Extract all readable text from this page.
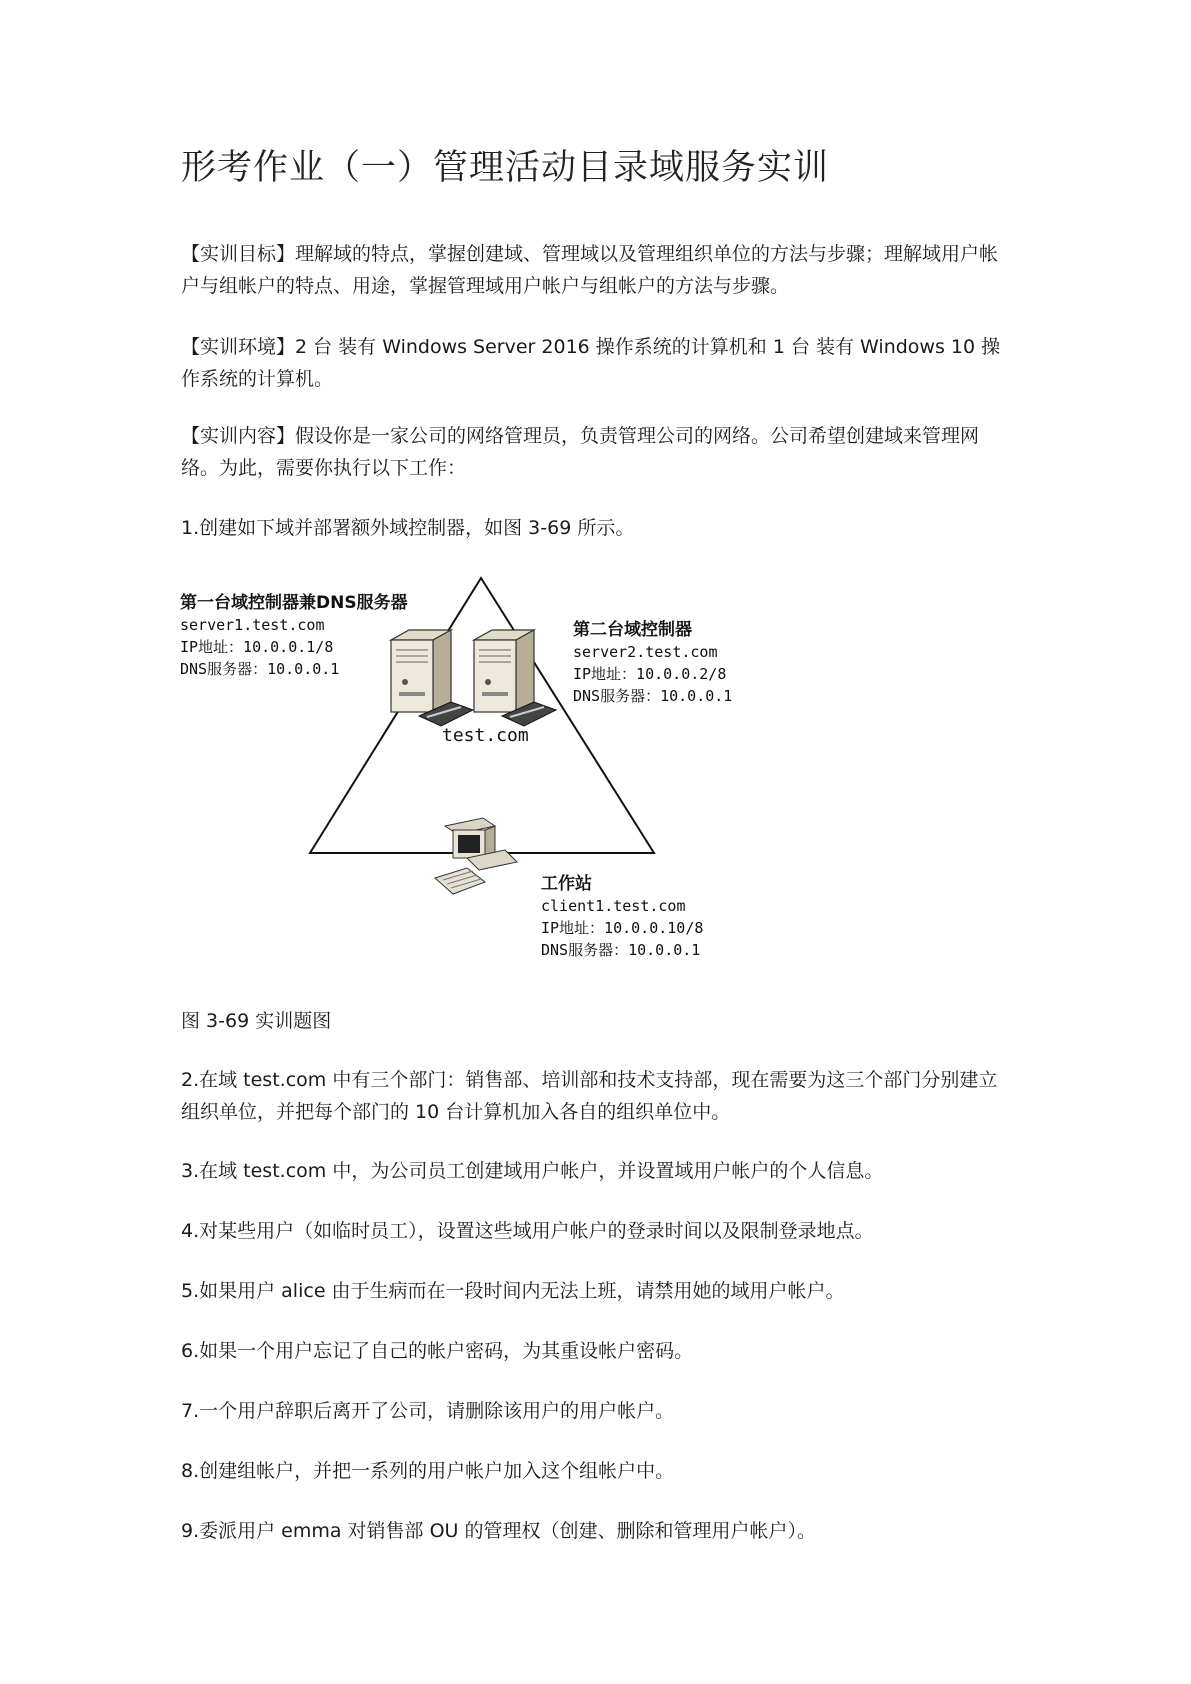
形考作业（一）管理活动目录域服务实训
【实训目标】理解域的特点，掌握创建域、管理域以及管理组织单位的方法与步骤；理解域用户帐户与组帐户的特点、用途，掌握管理域用户帐户与组帐户的方法与步骤。
【实训环境】2 台 装有 Windows Server 2016 操作系统的计算机和 1 台 装有 Windows 10 操作系统的计算机。
【实训内容】假设你是一家公司的网络管理员，负责管理公司的网络。公司希望创建域来管理网络。为此，需要你执行以下工作：
1.创建如下域并部署额外域控制器，如图 3-69 所示。
第一台域控制器兼DNS服务器
server1.test.com
IP地址：10.0.0.1/8
DNS服务器：10.0.0.1
第二台域控制器
server2.test.com
IP地址：10.0.0.2/8
DNS服务器：10.0.0.1
test.com
工作站
client1.test.com
IP地址：10.0.0.10/8
DNS服务器：10.0.0.1
图 3-69 实训题图
2.在域 test.com 中有三个部门：销售部、培训部和技术支持部，现在需要为这三个部门分别建立组织单位，并把每个部门的 10 台计算机加入各自的组织单位中。
3.在域 test.com 中，为公司员工创建域用户帐户，并设置域用户帐户的个人信息。
4.对某些用户（如临时员工），设置这些域用户帐户的登录时间以及限制登录地点。
5.如果用户 alice 由于生病而在一段时间内无法上班，请禁用她的域用户帐户。
6.如果一个用户忘记了自己的帐户密码，为其重设帐户密码。
7.一个用户辞职后离开了公司，请删除该用户的用户帐户。
8.创建组帐户，并把一系列的用户帐户加入这个组帐户中。
9.委派用户 emma 对销售部 OU 的管理权（创建、删除和管理用户帐户）。
